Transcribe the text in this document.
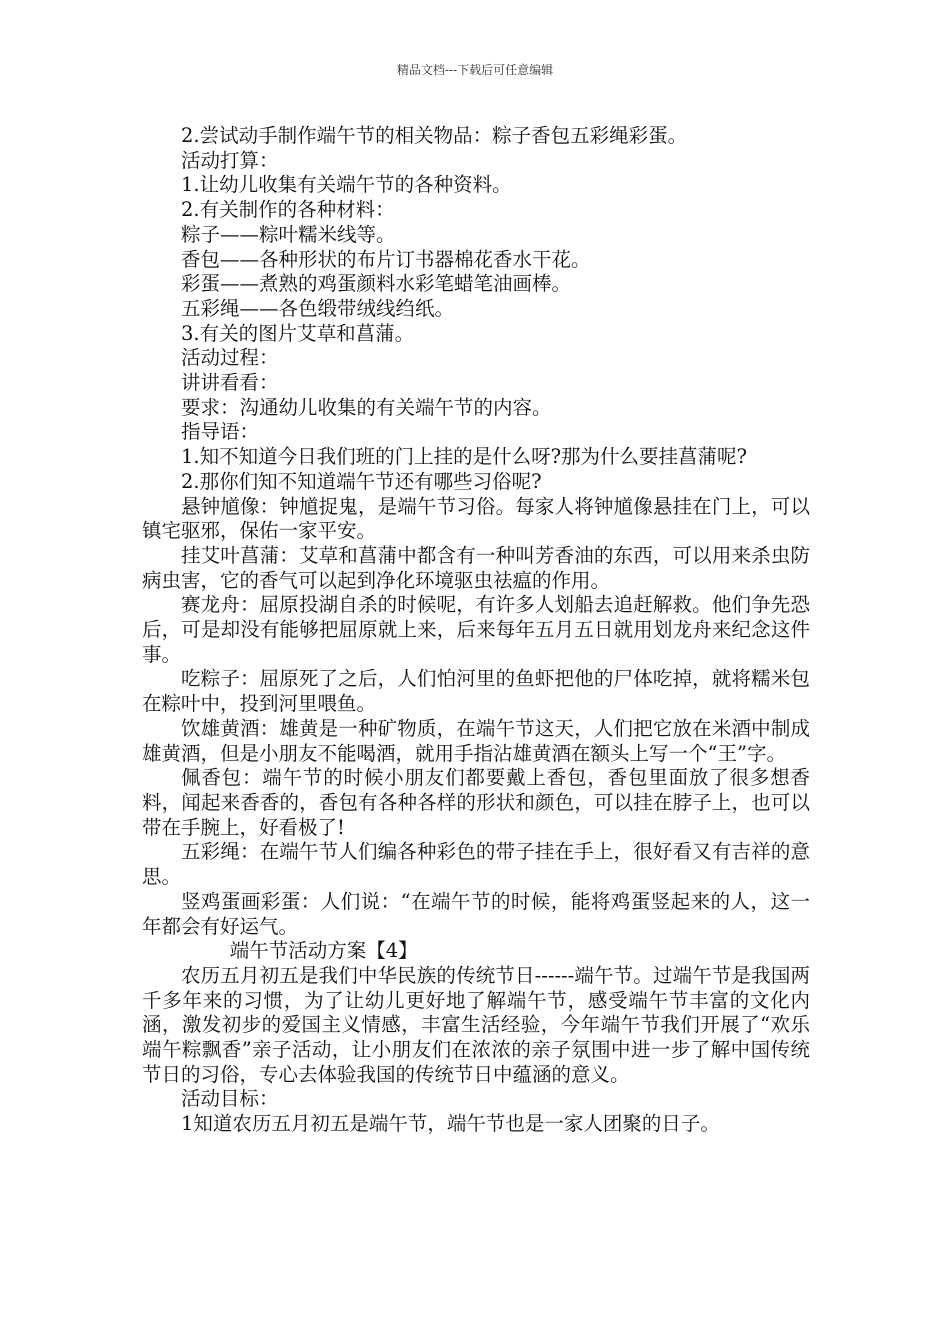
精品文档---下载后可任意编辑

2.尝试动手制作端午节的相关物品：粽子香包五彩绳彩蛋。

活动打算：

1.让幼儿收集有关端午节的各种资料。

2.有关制作的各种材料：

粽子——粽叶糯米线等。

香包——各种形状的布片订书器棉花香水干花。

彩蛋——煮熟的鸡蛋颜料水彩笔蜡笔油画棒。

五彩绳——各色缎带绒线绉纸。

3.有关的图片艾草和菖蒲。

活动过程：

讲讲看看：

要求：沟通幼儿收集的有关端午节的内容。

指导语：

1.知不知道今日我们班的门上挂的是什么呀?那为什么要挂菖蒲呢?

2.那你们知不知道端午节还有哪些习俗呢?

悬钟馗像：钟馗捉鬼，是端午节习俗。每家人将钟馗像悬挂在门上，可以镇宅驱邪，保佑一家平安。

挂艾叶菖蒲：艾草和菖蒲中都含有一种叫芳香油的东西，可以用来杀虫防病虫害，它的香气可以起到净化环境驱虫祛瘟的作用。

赛龙舟：屈原投湖自杀的时候呢，有许多人划船去追赶解救。他们争先恐后，可是却没有能够把屈原就上来，后来每年五月五日就用划龙舟来纪念这件事。

吃粽子：屈原死了之后，人们怕河里的鱼虾把他的尸体吃掉，就将糯米包在粽叶中，投到河里喂鱼。

饮雄黄酒：雄黄是一种矿物质，在端午节这天，人们把它放在米酒中制成雄黄酒，但是小朋友不能喝酒，就用手指沾雄黄酒在额头上写一个“王”字。

佩香包：端午节的时候小朋友们都要戴上香包，香包里面放了很多想香料，闻起来香香的，香包有各种各样的形状和颜色，可以挂在脖子上，也可以带在手腕上，好看极了!

五彩绳：在端午节人们编各种彩色的带子挂在手上，很好看又有吉祥的意思。

竖鸡蛋画彩蛋：人们说：“在端午节的时候，能将鸡蛋竖起来的人，这一年都会有好运气。

端午节活动方案【4】

农历五月初五是我们中华民族的传统节日------端午节。过端午节是我国两千多年来的习惯，为了让幼儿更好地了解端午节，感受端午节丰富的文化内涵，激发初步的爱国主义情感，丰富生活经验，今年端午节我们开展了“欢乐端午粽飘香”亲子活动，让小朋友们在浓浓的亲子氛围中进一步了解中国传统节日的习俗，专心去体验我国的传统节日中蕴涵的意义。

活动目标：

1知道农历五月初五是端午节，端午节也是一家人团聚的日子。
